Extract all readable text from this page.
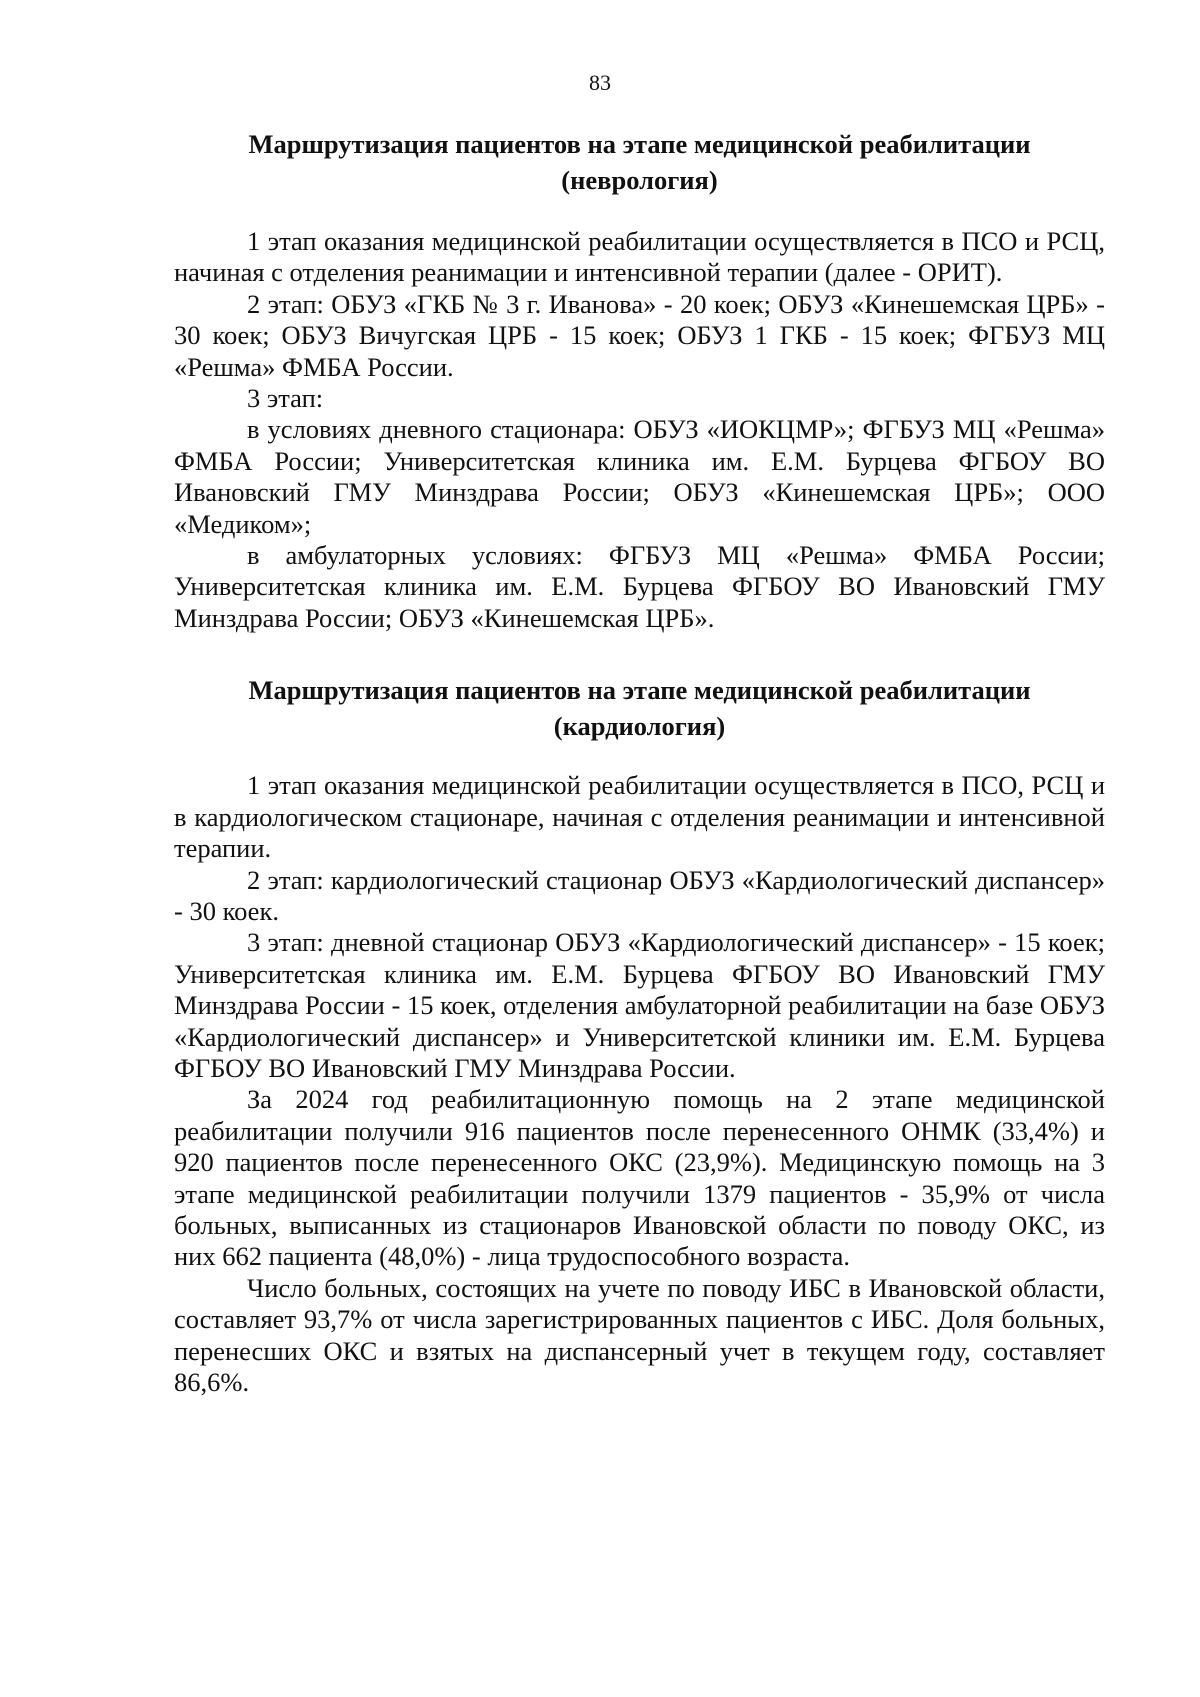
83
Маршрутизация пациентов на этапе медицинской реабилитации
(неврология)

1 этап оказания медицинской реабилитации осуществляется в ПСО и РСЦ, начиная с отделения реанимации и интенсивной терапии (далее - ОРИТ).

2 этап: ОБУЗ «ГКБ № 3 г. Иванова» - 20 коек; ОБУЗ «Кинешемская ЦРБ» - 30 коек; ОБУЗ Вичугская ЦРБ - 15 коек; ОБУЗ 1 ГКБ - 15 коек; ФГБУЗ МЦ «Решма» ФМБА России.

3 этап:

в условиях дневного стационара: ОБУЗ «ИОКЦМР»; ФГБУЗ МЦ «Решма» ФМБА России; Университетская клиника им. Е.М. Бурцева ФГБОУ ВО Ивановский ГМУ Минздрава России; ОБУЗ «Кинешемская ЦРБ»; ООО «Медиком»;

в амбулаторных условиях: ФГБУЗ МЦ «Решма» ФМБА России; Университетская клиника им. Е.М. Бурцева ФГБОУ ВО Ивановский ГМУ Минздрава России; ОБУЗ «Кинешемская ЦРБ».

Маршрутизация пациентов на этапе медицинской реабилитации
(кардиология)

1 этап оказания медицинской реабилитации осуществляется в ПСО, РСЦ и в кардиологическом стационаре, начиная с отделения реанимации и интенсивной терапии.

2 этап: кардиологический стационар ОБУЗ «Кардиологический диспансер» - 30 коек.

3 этап: дневной стационар ОБУЗ «Кардиологический диспансер» - 15 коек; Университетская клиника им. Е.М. Бурцева ФГБОУ ВО Ивановский ГМУ Минздрава России - 15 коек, отделения амбулаторной реабилитации на базе ОБУЗ «Кардиологический диспансер» и Университетской клиники им. Е.М. Бурцева ФГБОУ ВО Ивановский ГМУ Минздрава России.

За 2024 год реабилитационную помощь на 2 этапе медицинской реабилитации получили 916 пациентов после перенесенного ОНМК (33,4%) и 920 пациентов после перенесенного ОКС (23,9%). Медицинскую помощь на 3 этапе медицинской реабилитации получили 1379 пациентов - 35,9% от числа больных, выписанных из стационаров Ивановской области по поводу ОКС, из них 662 пациента (48,0%) - лица трудоспособного возраста.

Число больных, состоящих на учете по поводу ИБС в Ивановской области, составляет 93,7% от числа зарегистрированных пациентов с ИБС. Доля больных, перенесших ОКС и взятых на диспансерный учет в текущем году, составляет 86,6%.
